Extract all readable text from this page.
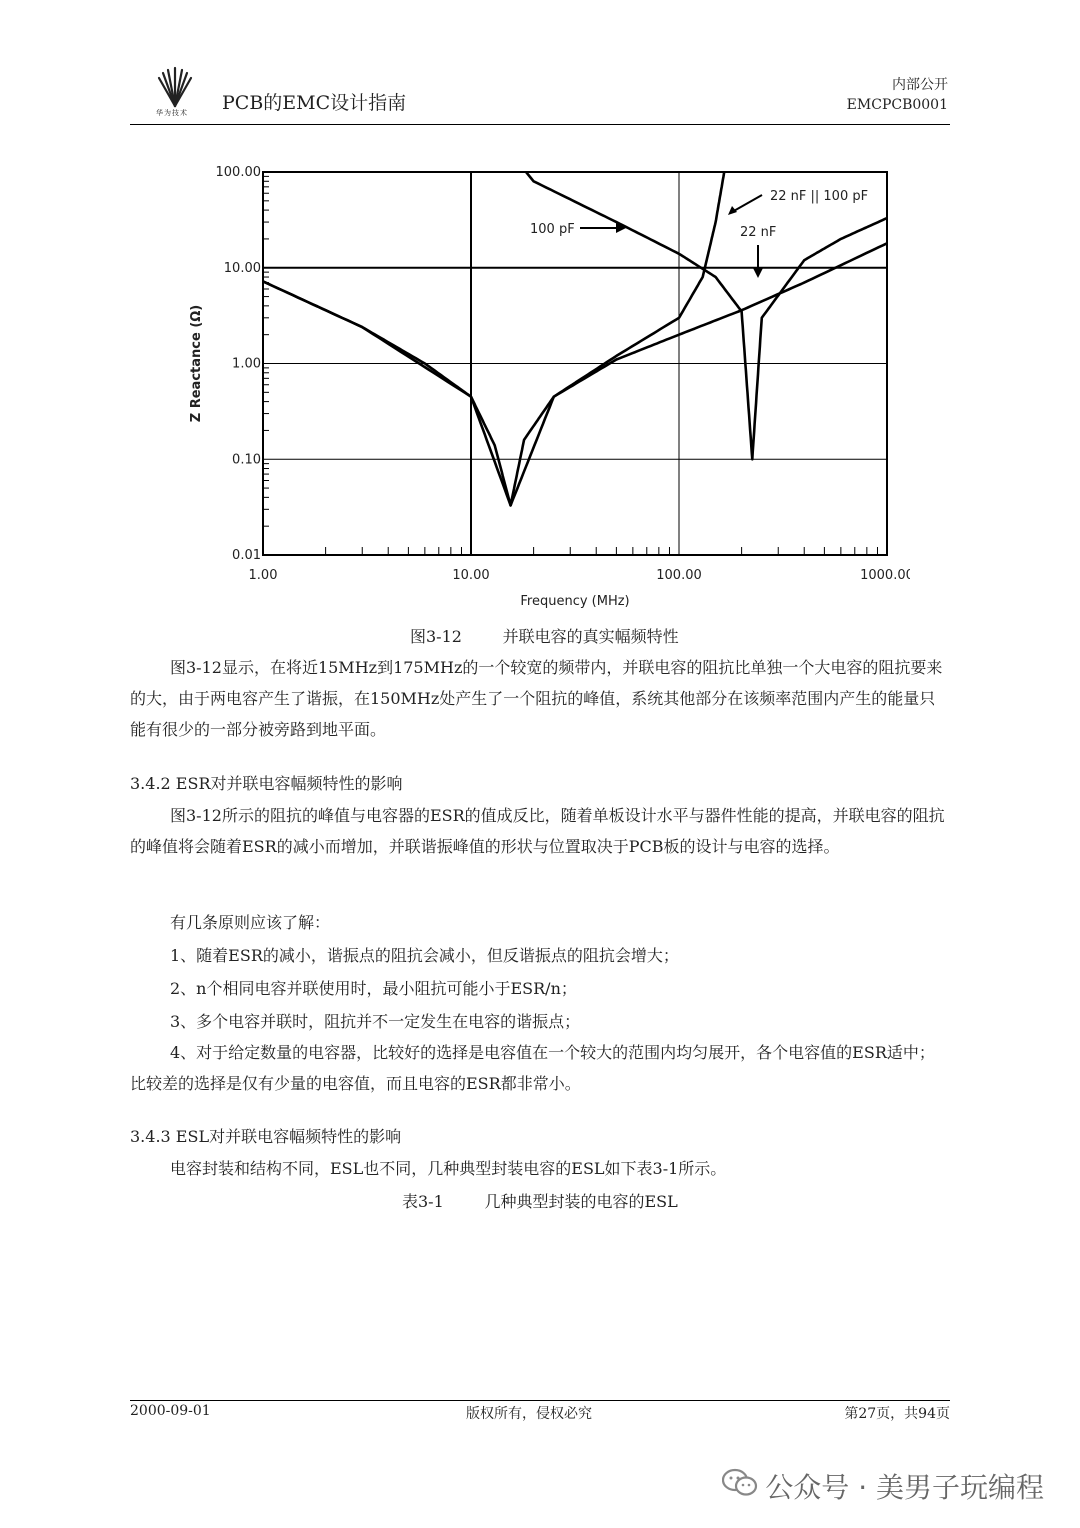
华为技术 PCB的EMC设计指南
内部公开
EMCPCB0001
1.00	10.00	100.00	1000.00
0.01
0.10
1.00
10.00
100.00
Frequency (MHz)
Z Reactance (Ω)
22 nF || 100 pF
100 pF	22 nF
图3-12        并联电容的真实幅频特性
图3-12显示，在将近15MHz到175MHz的一个较宽的频带内，并联电容的阻抗比单独一个大电容的阻抗要来的大，由于两电容产生了谐振，在150MHz处产生了一个阻抗的峰值，系统其他部分在该频率范围内产生的能量只能有很少的一部分被旁路到地平面。
3.4.2 ESR对并联电容幅频特性的影响
图3-12所示的阻抗的峰值与电容器的ESR的值成反比，随着单板设计水平与器件性能的提高，并联电容的阻抗的峰值将会随着ESR的减小而增加，并联谐振峰值的形状与位置取决于PCB板的设计与电容的选择。
有几条原则应该了解：
1、随着ESR的减小，谐振点的阻抗会减小，但反谐振点的阻抗会增大；
2、n个相同电容并联使用时，最小阻抗可能小于ESR/n；
3、多个电容并联时，阻抗并不一定发生在电容的谐振点；
4、对于给定数量的电容器，比较好的选择是电容值在一个较大的范围内均匀展开，各个电容值的ESR适中；比较差的选择是仅有少量的电容值，而且电容的ESR都非常小。
3.4.3 ESL对并联电容幅频特性的影响
电容封装和结构不同，ESL也不同，几种典型封装电容的ESL如下表3-1所示。
表3-1        几种典型封装的电容的ESL
2000-09-01	版权所有，侵权必究	第27页，共94页
公众号 · 美男子玩编程
